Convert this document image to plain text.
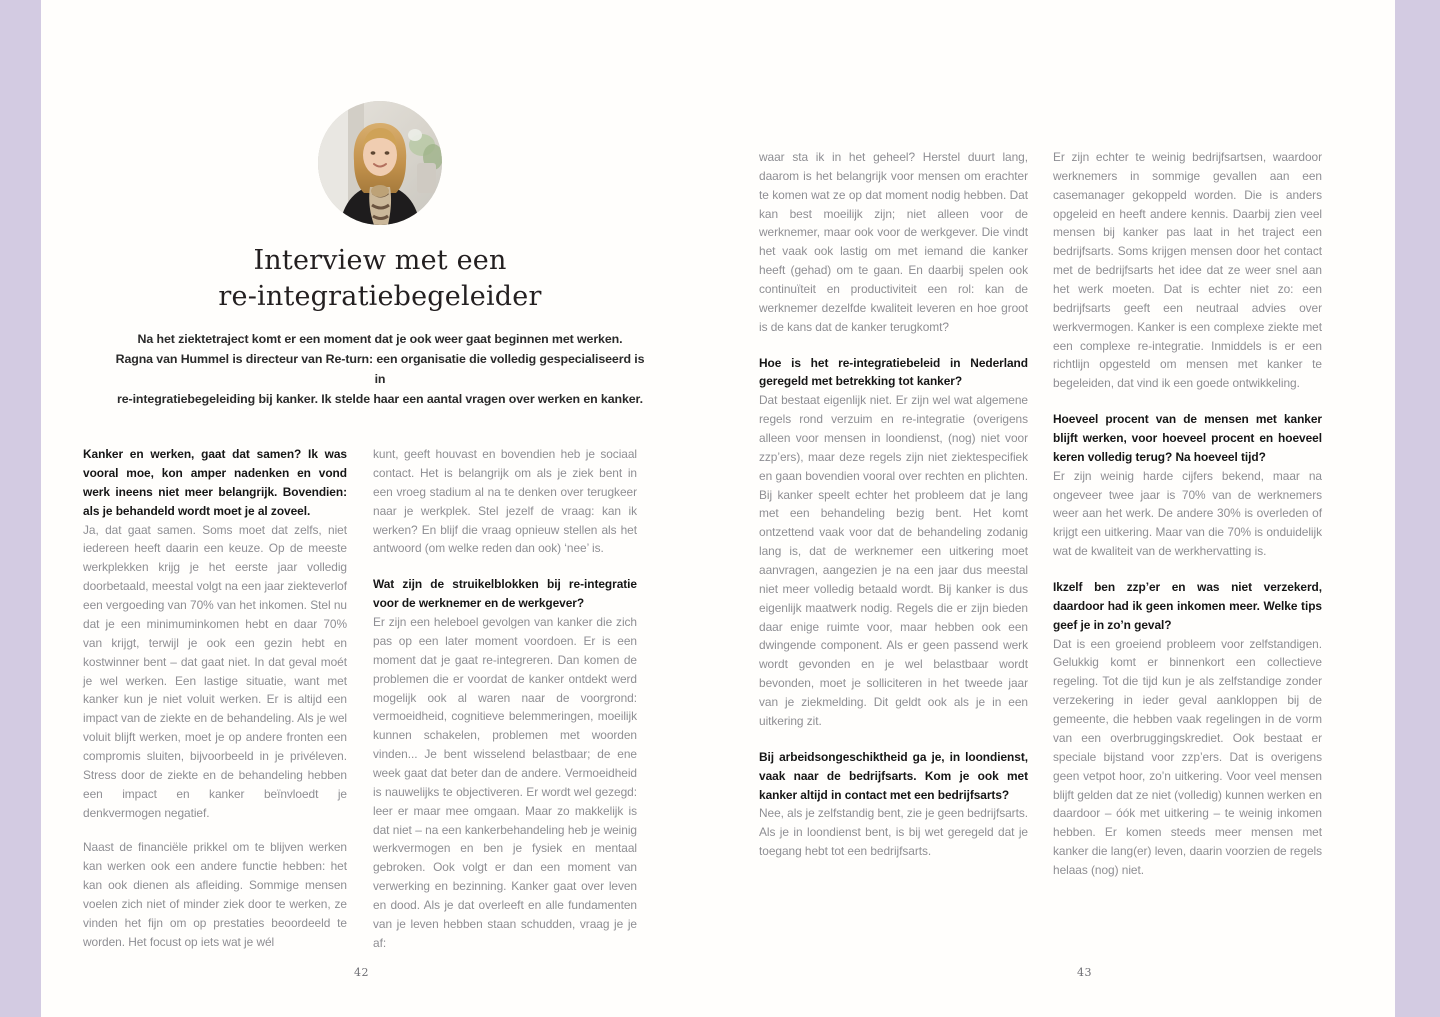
Interview met een
re-integratiebegeleider
Na het ziektetraject komt er een moment dat je ook weer gaat beginnen met werken.
Ragna van Hummel is directeur van Re-turn: een organisatie die volledig gespecialiseerd is in
re-integratiebegeleiding bij kanker. Ik stelde haar een aantal vragen over werken en kanker.

Kanker en werken, gaat dat samen? Ik was vooral moe, kon amper nadenken en vond werk ineens niet meer belangrijk. Bovendien: als je behandeld wordt moet je al zoveel.

Ja, dat gaat samen. Soms moet dat zelfs, niet iedereen heeft daarin een keuze. Op de meeste werkplekken krijg je het eerste jaar volledig doorbetaald, meestal volgt na een jaar ziekteverlof een vergoeding van 70% van het inkomen. Stel nu dat je een minimuminkomen hebt en daar 70% van krijgt, terwijl je ook een gezin hebt en kostwinner bent – dat gaat niet. In dat geval moét je wel werken. Een lastige situatie, want met kanker kun je niet voluit werken. Er is altijd een impact van de ziekte en de behandeling. Als je wel voluit blijft werken, moet je op andere fronten een compromis sluiten, bijvoorbeeld in je privéleven. Stress door de ziekte en de behandeling hebben een impact en kanker beïnvloedt je denkvermogen negatief.

Naast de financiële prikkel om te blijven werken kan werken ook een andere functie hebben: het kan ook dienen als afleiding. Sommige mensen voelen zich niet of minder ziek door te werken, ze vinden het fijn om op prestaties beoordeeld te worden. Het focust op iets wat je wél

kunt, geeft houvast en bovendien heb je sociaal contact. Het is belangrijk om als je ziek bent in een vroeg stadium al na te denken over terugkeer naar je werkplek. Stel jezelf de vraag: kan ik werken? En blijf die vraag opnieuw stellen als het antwoord (om welke reden dan ook) ‘nee’ is.

Wat zijn de struikelblokken bij re-integratie voor de werknemer en de werkgever?

Er zijn een heleboel gevolgen van kanker die zich pas op een later moment voordoen. Er is een moment dat je gaat re-integreren. Dan komen de problemen die er voordat de kanker ontdekt werd mogelijk ook al waren naar de voorgrond: vermoeidheid, cognitieve belemmeringen, moeilijk kunnen schakelen, problemen met woorden vinden... Je bent wisselend belastbaar; de ene week gaat dat beter dan de andere. Vermoeidheid is nauwelijks te objectiveren. Er wordt wel gezegd: leer er maar mee omgaan. Maar zo makkelijk is dat niet – na een kankerbehandeling heb je weinig werkvermogen en ben je fysiek en mentaal gebroken. Ook volgt er dan een moment van verwerking en bezinning. Kanker gaat over leven en dood. Als je dat overleeft en alle fundamenten van je leven hebben staan schudden, vraag je je af:

42

waar sta ik in het geheel? Herstel duurt lang, daarom is het belangrijk voor mensen om erachter te komen wat ze op dat moment nodig hebben. Dat kan best moeilijk zijn; niet alleen voor de werknemer, maar ook voor de werkgever. Die vindt het vaak ook lastig om met iemand die kanker heeft (gehad) om te gaan. En daarbij spelen ook continuïteit en productiviteit een rol: kan de werknemer dezelfde kwaliteit leveren en hoe groot is de kans dat de kanker terugkomt?

Hoe is het re-integratiebeleid in Nederland geregeld met betrekking tot kanker?

Dat bestaat eigenlijk niet. Er zijn wel wat algemene regels rond verzuim en re-integratie (overigens alleen voor mensen in loondienst, (nog) niet voor zzp’ers), maar deze regels zijn niet ziektespecifiek en gaan bovendien vooral over rechten en plichten. Bij kanker speelt echter het probleem dat je lang met een behandeling bezig bent. Het komt ontzettend vaak voor dat de behandeling zodanig lang is, dat de werknemer een uitkering moet aanvragen, aangezien je na een jaar dus meestal niet meer volledig betaald wordt. Bij kanker is dus eigenlijk maatwerk nodig. Regels die er zijn bieden daar enige ruimte voor, maar hebben ook een dwingende component. Als er geen passend werk wordt gevonden en je wel belastbaar wordt bevonden, moet je solliciteren in het tweede jaar van je ziekmelding. Dit geldt ook als je in een uitkering zit.

Bij arbeidsongeschiktheid ga je, in loondienst, vaak naar de bedrijfsarts. Kom je ook met kanker altijd in contact met een bedrijfsarts?

Nee, als je zelfstandig bent, zie je geen bedrijfsarts. Als je in loondienst bent, is bij wet geregeld dat je toegang hebt tot een bedrijfsarts.

Er zijn echter te weinig bedrijfsartsen, waardoor werknemers in sommige gevallen aan een casemanager gekoppeld worden. Die is anders opgeleid en heeft andere kennis. Daarbij zien veel mensen bij kanker pas laat in het traject een bedrijfsarts. Soms krijgen mensen door het contact met de bedrijfsarts het idee dat ze weer snel aan het werk moeten. Dat is echter niet zo: een bedrijfsarts geeft een neutraal advies over werkvermogen. Kanker is een complexe ziekte met een complexe re-integratie. Inmiddels is er een richtlijn opgesteld om mensen met kanker te begeleiden, dat vind ik een goede ontwikkeling.

Hoeveel procent van de mensen met kanker blijft werken, voor hoeveel procent en hoeveel keren volledig terug? Na hoeveel tijd?

Er zijn weinig harde cijfers bekend, maar na ongeveer twee jaar is 70% van de werknemers weer aan het werk. De andere 30% is overleden of krijgt een uitkering. Maar van die 70% is onduidelijk wat de kwaliteit van de werkhervatting is.

Ikzelf ben zzp’er en was niet verzekerd, daardoor had ik geen inkomen meer. Welke tips geef je in zo’n geval?

Dat is een groeiend probleem voor zelfstandigen. Gelukkig komt er binnenkort een collectieve regeling. Tot die tijd kun je als zelfstandige zonder verzekering in ieder geval aankloppen bij de gemeente, die hebben vaak regelingen in de vorm van een overbruggingskrediet. Ook bestaat er speciale bijstand voor zzp’ers. Dat is overigens geen vetpot hoor, zo’n uitkering. Voor veel mensen blijft gelden dat ze niet (volledig) kunnen werken en daardoor – óók met uitkering – te weinig inkomen hebben. Er komen steeds meer mensen met kanker die lang(er) leven, daarin voorzien de regels helaas (nog) niet.

43
